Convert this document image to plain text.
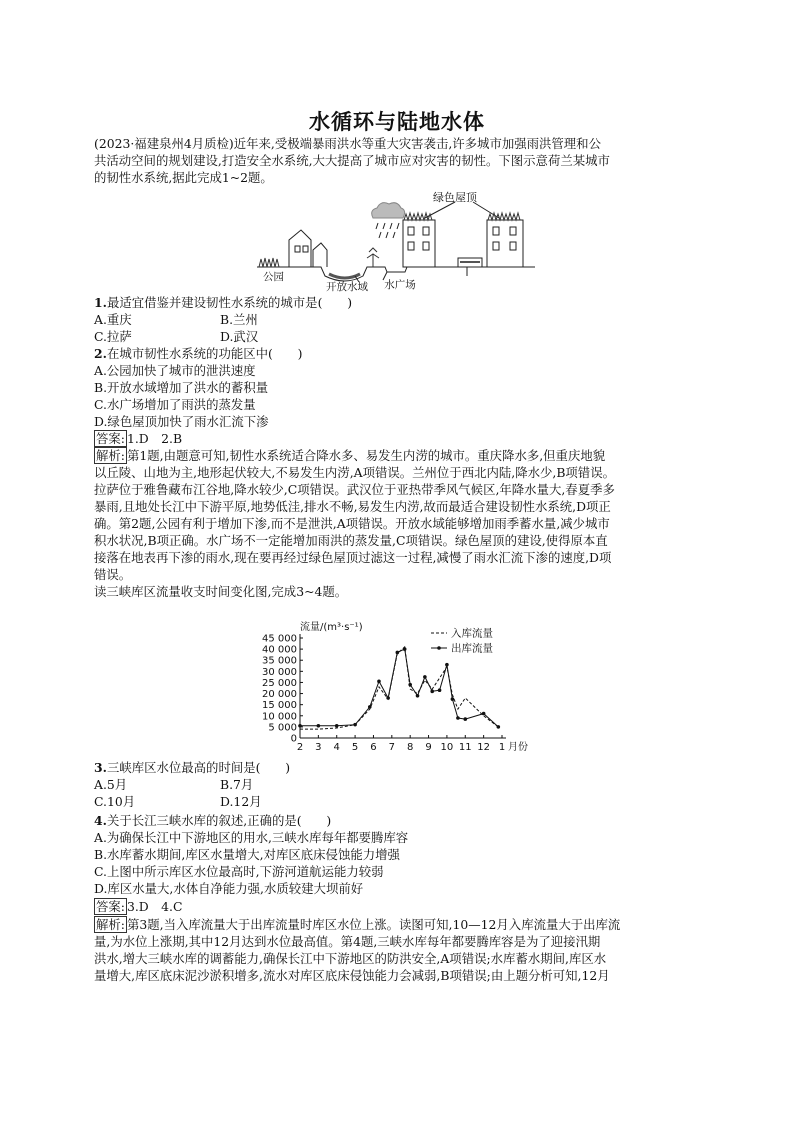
水循环与陆地水体
(2023·福建泉州4月质检)近年来,受极端暴雨洪水等重大灾害袭击,许多城市加强雨洪管理和公
共活动空间的规划建设,打造安全水系统,大大提高了城市应对灾害的韧性。下图示意荷兰某城市
的韧性水系统,据此完成1~2题。
绿色屋顶
公园
开放水域 水广场
1.最适宜借鉴并建设韧性水系统的城市是(　　)
A.重庆	B.兰州
C.拉萨	D.武汉
2.在城市韧性水系统的功能区中(　　)
A.公园加快了城市的泄洪速度
B.开放水域增加了洪水的蓄积量
C.水广场增加了雨洪的蒸发量
D.绿色屋顶加快了雨水汇流下渗
答案: 1.D　2.B
解析: 第1题,由题意可知,韧性水系统适合降水多、易发生内涝的城市。重庆降水多,但重庆地貌
以丘陵、山地为主,地形起伏较大,不易发生内涝,A项错误。兰州位于西北内陆,降水少,B项错误。
拉萨位于雅鲁藏布江谷地,降水较少,C项错误。武汉位于亚热带季风气候区,年降水量大,春夏季多
暴雨,且地处长江中下游平原,地势低洼,排水不畅,易发生内涝,故而最适合建设韧性水系统,D项正
确。第2题,公园有利于增加下渗,而不是泄洪,A项错误。开放水域能够增加雨季蓄水量,减少城市
积水状况,B项正确。水广场不一定能增加雨洪的蒸发量,C项错误。绿色屋顶的建设,使得原本直
接落在地表再下渗的雨水,现在要再经过绿色屋顶过滤这一过程,减慢了雨水汇流下渗的速度,D项
错误。
读三峡库区流量收支时间变化图,完成3~4题。
流量/(m³·s⁻¹)
0
5 000
10 000
15 000
20 000
25 000
30 000
35 000
40 000
45 000
2 3 4 5 6 7 8 9 10 11 12 1 月份
入库流量
出库流量
3.三峡库区水位最高的时间是(　　)
A.5月	B.7月
C.10月	D.12月
4.关于长江三峡水库的叙述,正确的是(　　)
A.为确保长江中下游地区的用水,三峡水库每年都要腾库容
B.水库蓄水期间,库区水量增大,对库区底床侵蚀能力增强
C.上图中所示库区水位最高时,下游河道航运能力较弱
D.库区水量大,水体自净能力强,水质较建大坝前好
答案: 3.D　4.C
解析: 第3题,当入库流量大于出库流量时库区水位上涨。读图可知,10—12月入库流量大于出库流
量,为水位上涨期,其中12月达到水位最高值。第4题,三峡水库每年都要腾库容是为了迎接汛期
洪水,增大三峡水库的调蓄能力,确保长江中下游地区的防洪安全,A项错误;水库蓄水期间,库区水
量增大,库区底床泥沙淤积增多,流水对库区底床侵蚀能力会减弱,B项错误;由上题分析可知,12月
